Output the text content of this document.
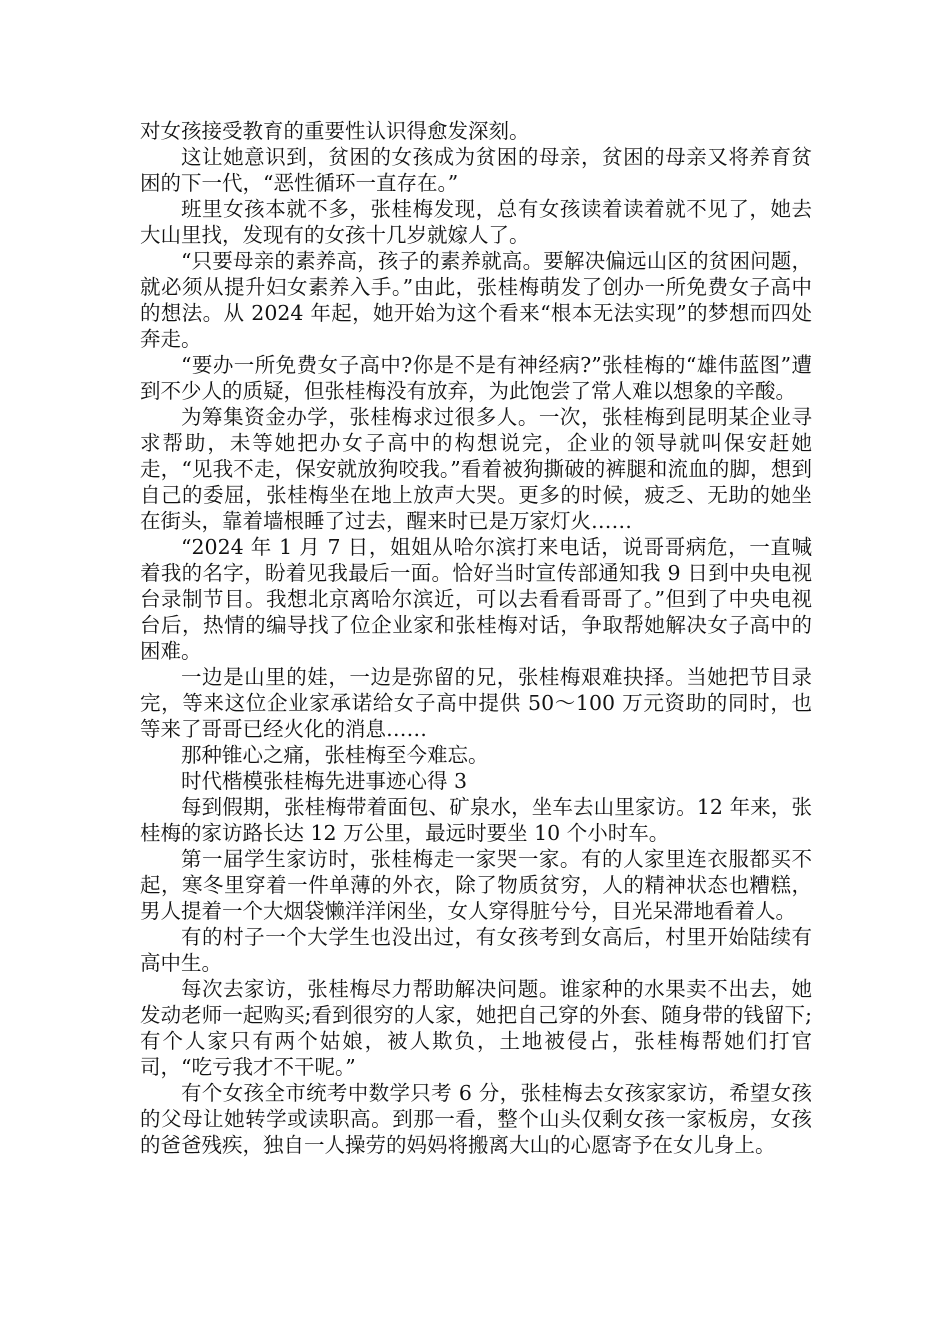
对女孩接受教育的重要性认识得愈发深刻。

这让她意识到，贫困的女孩成为贫困的母亲，贫困的母亲又将养育贫困的下一代，“恶性循环一直存在。”

班里女孩本就不多，张桂梅发现，总有女孩读着读着就不见了，她去大山里找，发现有的女孩十几岁就嫁人了。

“只要母亲的素养高，孩子的素养就高。要解决偏远山区的贫困问题，就必须从提升妇女素养入手。”由此，张桂梅萌发了创办一所免费女子高中的想法。从 2024 年起，她开始为这个看来“根本无法实现”的梦想而四处奔走。

“要办一所免费女子高中?你是不是有神经病?”张桂梅的“雄伟蓝图”遭到不少人的质疑，但张桂梅没有放弃，为此饱尝了常人难以想象的辛酸。

为筹集资金办学，张桂梅求过很多人。一次，张桂梅到昆明某企业寻求帮助，未等她把办女子高中的构想说完，企业的领导就叫保安赶她走，“见我不走，保安就放狗咬我。”看着被狗撕破的裤腿和流血的脚，想到自己的委屈，张桂梅坐在地上放声大哭。更多的时候，疲乏、无助的她坐在街头，靠着墙根睡了过去，醒来时已是万家灯火……

“2024 年 1 月 7 日，姐姐从哈尔滨打来电话，说哥哥病危，一直喊着我的名字，盼着见我最后一面。恰好当时宣传部通知我 9 日到中央电视台录制节目。我想北京离哈尔滨近，可以去看看哥哥了。”但到了中央电视台后，热情的编导找了位企业家和张桂梅对话，争取帮她解决女子高中的困难。

一边是山里的娃，一边是弥留的兄，张桂梅艰难抉择。当她把节目录完，等来这位企业家承诺给女子高中提供 50～100 万元资助的同时，也等来了哥哥已经火化的消息……

那种锥心之痛，张桂梅至今难忘。

时代楷模张桂梅先进事迹心得 3

每到假期，张桂梅带着面包、矿泉水，坐车去山里家访。12 年来，张桂梅的家访路长达 12 万公里，最远时要坐 10 个小时车。

第一届学生家访时，张桂梅走一家哭一家。有的人家里连衣服都买不起，寒冬里穿着一件单薄的外衣，除了物质贫穷，人的精神状态也糟糕，男人提着一个大烟袋懒洋洋闲坐，女人穿得脏兮兮，目光呆滞地看着人。

有的村子一个大学生也没出过，有女孩考到女高后，村里开始陆续有高中生。

每次去家访，张桂梅尽力帮助解决问题。谁家种的水果卖不出去，她发动老师一起购买;看到很穷的人家，她把自己穿的外套、随身带的钱留下;有个人家只有两个姑娘，被人欺负，土地被侵占，张桂梅帮她们打官司，“吃亏我才不干呢。”

有个女孩全市统考中数学只考 6 分，张桂梅去女孩家家访，希望女孩的父母让她转学或读职高。到那一看，整个山头仅剩女孩一家板房，女孩的爸爸残疾，独自一人操劳的妈妈将搬离大山的心愿寄予在女儿身上。
